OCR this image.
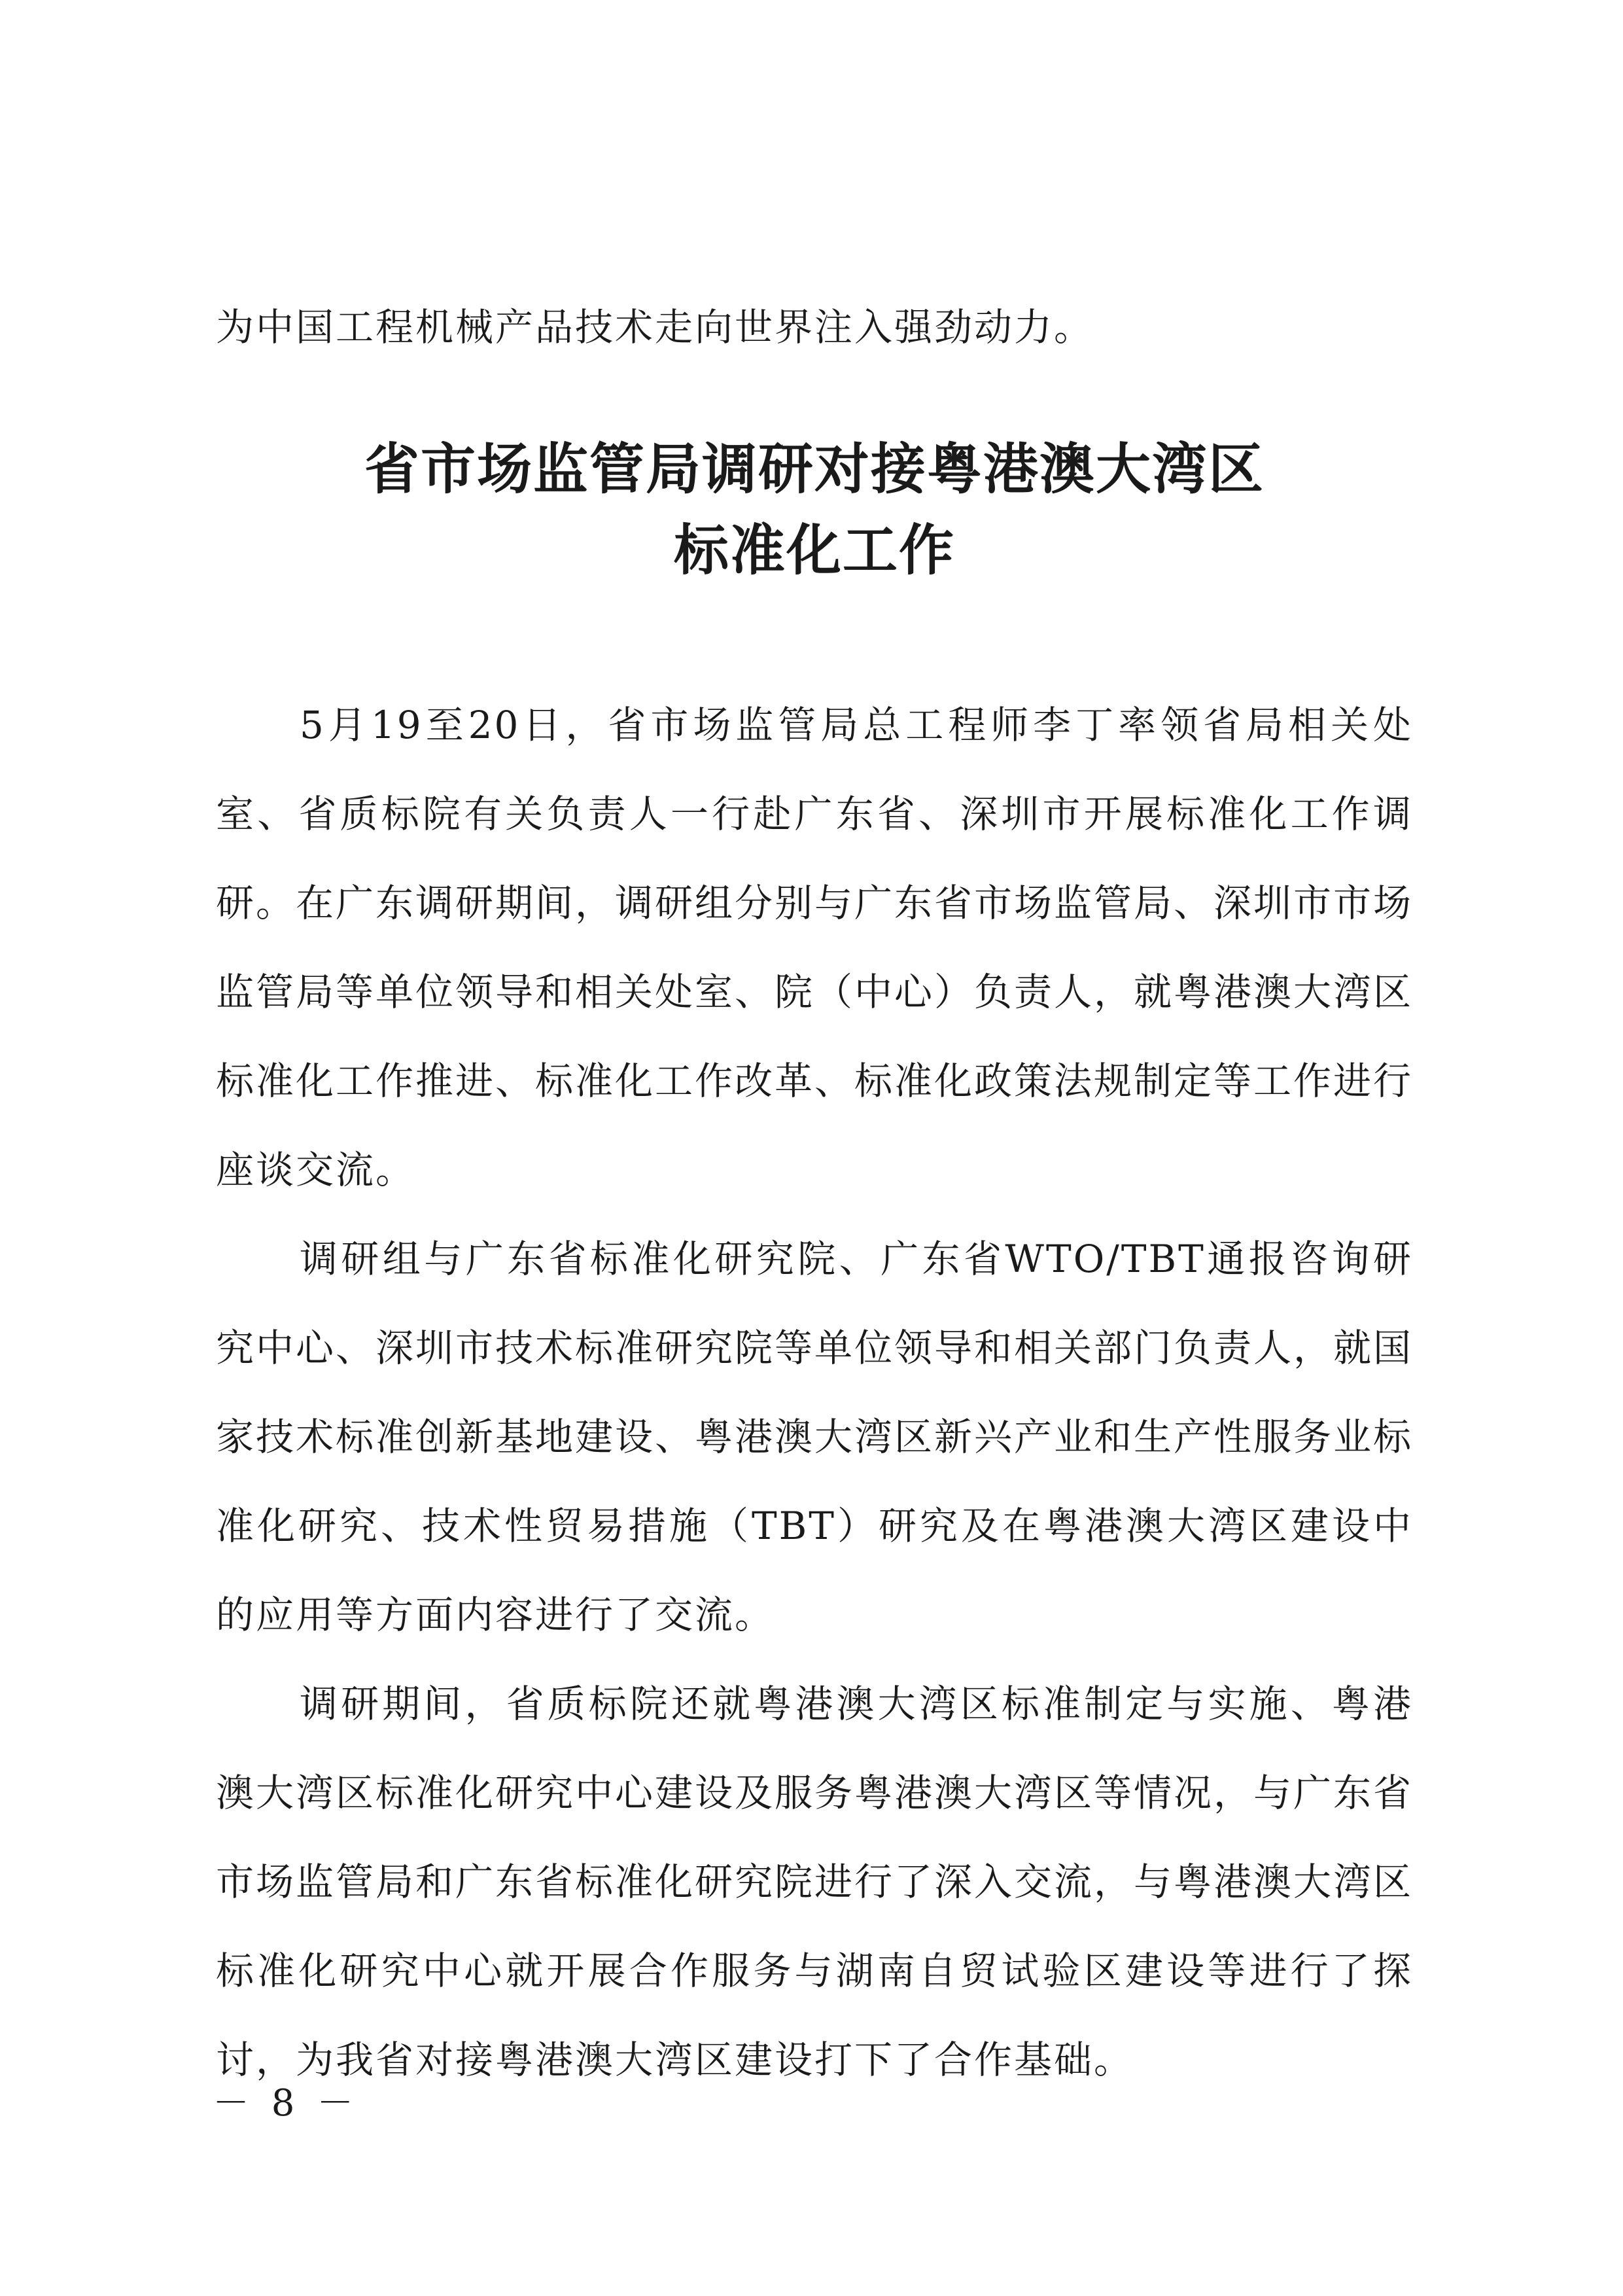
为中国工程机械产品技术走向世界注入强劲动力。

省市场监管局调研对接粤港澳大湾区
标准化工作

5月19至20日，省市场监管局总工程师李丁率领省局相关处室、省质标院有关负责人一行赴广东省、深圳市开展标准化工作调研。在广东调研期间，调研组分别与广东省市场监管局、深圳市市场监管局等单位领导和相关处室、院（中心）负责人，就粤港澳大湾区标准化工作推进、标准化工作改革、标准化政策法规制定等工作进行座谈交流。

调研组与广东省标准化研究院、广东省WTO/TBT通报咨询研究中心、深圳市技术标准研究院等单位领导和相关部门负责人，就国家技术标准创新基地建设、粤港澳大湾区新兴产业和生产性服务业标准化研究、技术性贸易措施（TBT）研究及在粤港澳大湾区建设中的应用等方面内容进行了交流。

调研期间，省质标院还就粤港澳大湾区标准制定与实施、粤港澳大湾区标准化研究中心建设及服务粤港澳大湾区等情况，与广东省市场监管局和广东省标准化研究院进行了深入交流，与粤港澳大湾区标准化研究中心就开展合作服务与湖南自贸试验区建设等进行了探讨，为我省对接粤港澳大湾区建设打下了合作基础。

－ 8 －
